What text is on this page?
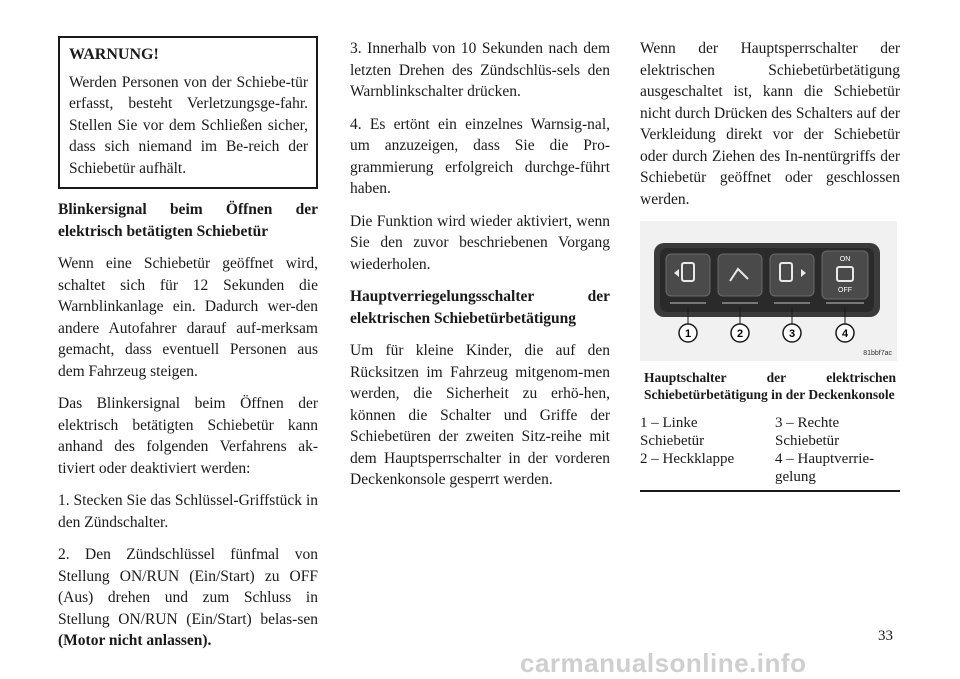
WARNUNG!

Werden Personen von der Schiebe-tür erfasst, besteht Verletzungsge-fahr. Stellen Sie vor dem Schließen sicher, dass sich niemand im Be-reich der Schiebetür aufhält.

Blinkersignal beim Öffnen der elektrisch betätigten Schiebetür

Wenn eine Schiebetür geöffnet wird, schaltet sich für 12 Sekunden die Warnblinkanlage ein. Dadurch wer-den andere Autofahrer darauf auf-merksam gemacht, dass eventuell Personen aus dem Fahrzeug steigen.

Das Blinkersignal beim Öffnen der elektrisch betätigten Schiebetür kann anhand des folgenden Verfahrens ak-tiviert oder deaktiviert werden:

1. Stecken Sie das Schlüssel-Griffstück in den Zündschalter.

2. Den Zündschlüssel fünfmal von Stellung ON/RUN (Ein/Start) zu OFF (Aus) drehen und zum Schluss in Stellung ON/RUN (Ein/Start) belas-sen (Motor nicht anlassen).

3. Innerhalb von 10 Sekunden nach dem letzten Drehen des Zündschlüs-sels den Warnblinkschalter drücken.

4. Es ertönt ein einzelnes Warnsig-nal, um anzuzeigen, dass Sie die Pro-grammierung erfolgreich durchge-führt haben.

Die Funktion wird wieder aktiviert, wenn Sie den zuvor beschriebenen Vorgang wiederholen.

Hauptverriegelungsschalter der elektrischen Schiebetürbetätigung

Um für kleine Kinder, die auf den Rücksitzen im Fahrzeug mitgenom-men werden, die Sicherheit zu erhö-hen, können die Schalter und Griffe der Schiebetüren der zweiten Sitz-reihe mit dem Hauptsperrschalter in der vorderen Deckenkonsole gesperrt werden.

Wenn der Hauptsperrschalter der elektrischen Schiebetürbetätigung ausgeschaltet ist, kann die Schiebetür nicht durch Drücken des Schalters auf der Verkleidung direkt vor der Schiebetür oder durch Ziehen des In-nentürgriffs der Schiebetür geöffnet oder geschlossen werden.

ON
OFF
1	2	3	4
81bbf7ac

Hauptschalter der elektrischen Schiebetürbetätigung in der Deckenkonsole

1 – Linke Schiebetür
2 – Heckklappe
3 – Rechte Schiebetür
4 – Hauptverrie-gelung
33
carmanualsonline.info
